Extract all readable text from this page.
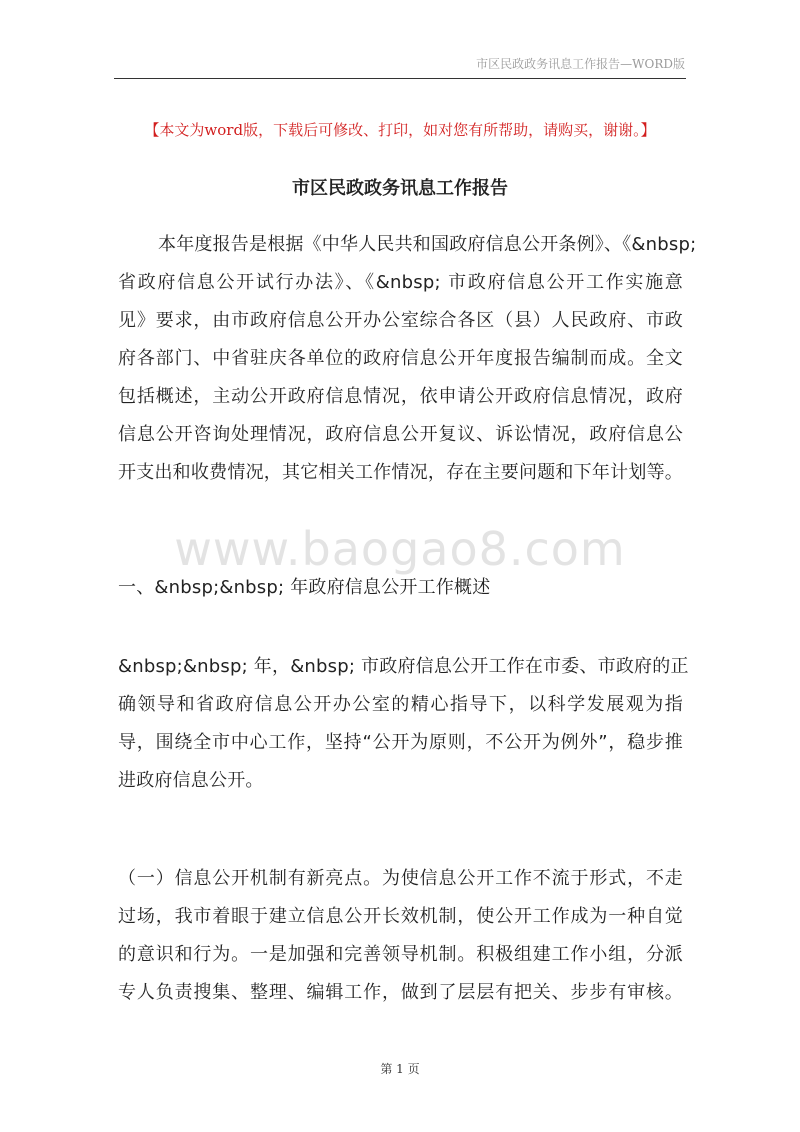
市区民政政务讯息工作报告—WORD版
【本文为word版，下载后可修改、打印，如对您有所帮助，请购买，谢谢。】
市区民政政务讯息工作报告
www.baogao8.com
本年度报告是根据《中华人民共和国政府信息公开条例》、《&nbsp;
省政府信息公开试行办法》、《&nbsp; 市政府信息公开工作实施意
见》要求，由市政府信息公开办公室综合各区（县）人民政府、市政
府各部门、中省驻庆各单位的政府信息公开年度报告编制而成。全文
包括概述，主动公开政府信息情况，依申请公开政府信息情况，政府
信息公开咨询处理情况，政府信息公开复议、诉讼情况，政府信息公
开支出和收费情况，其它相关工作情况，存在主要问题和下年计划等。
一、&nbsp;&nbsp; 年政府信息公开工作概述
&nbsp;&nbsp; 年，&nbsp; 市政府信息公开工作在市委、市政府的正
确领导和省政府信息公开办公室的精心指导下，以科学发展观为指
导，围绕全市中心工作，坚持“公开为原则，不公开为例外”，稳步推
进政府信息公开。
（一）信息公开机制有新亮点。为使信息公开工作不流于形式，不走
过场，我市着眼于建立信息公开长效机制，使公开工作成为一种自觉
的意识和行为。一是加强和完善领导机制。积极组建工作小组，分派
专人负责搜集、整理、编辑工作，做到了层层有把关、步步有审核。
第 1 页
